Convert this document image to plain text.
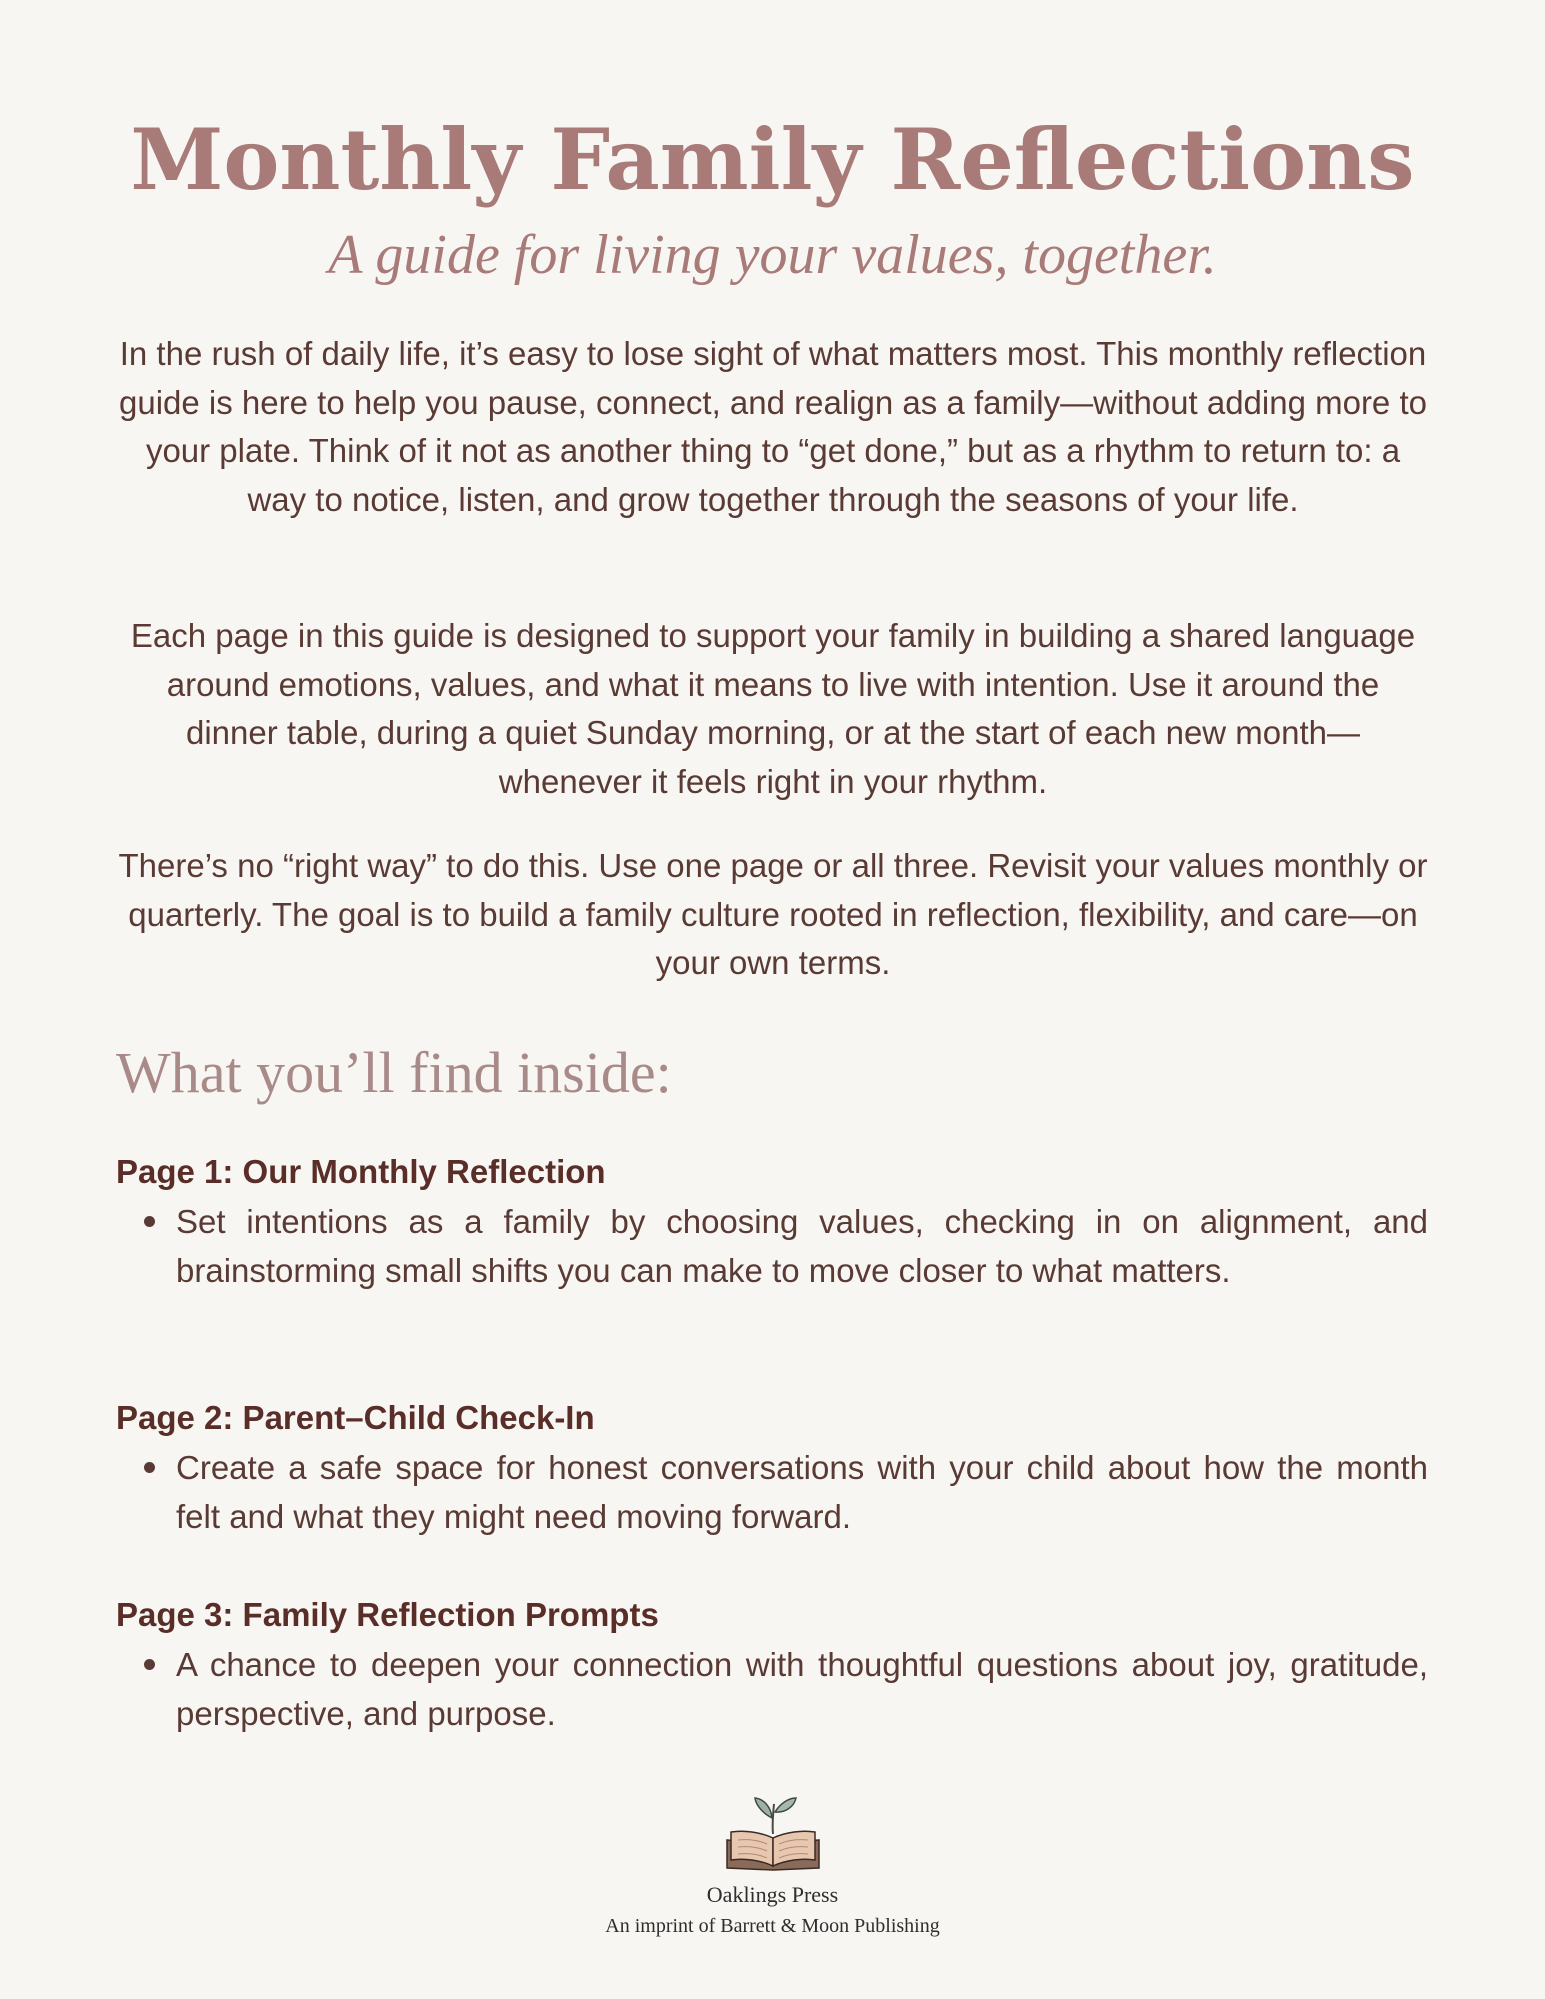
Monthly Family Reflections

A guide for living your values, together.

In the rush of daily life, it’s easy to lose sight of what matters most. This monthly reflection guide is here to help you pause, connect, and realign as a family—without adding more to your plate. Think of it not as another thing to “get done,” but as a rhythm to return to: a way to notice, listen, and grow together through the seasons of your life.

Each page in this guide is designed to support your family in building a shared language around emotions, values, and what it means to live with intention. Use it around the dinner table, during a quiet Sunday morning, or at the start of each new month—whenever it feels right in your rhythm.

There’s no “right way” to do this. Use one page or all three. Revisit your values monthly or quarterly. The goal is to build a family culture rooted in reflection, flexibility, and care—on your own terms.

What you’ll find inside:
Page 1: Our Monthly Reflection
Set intentions as a family by choosing values, checking in on alignment, and brainstorming small shifts you can make to move closer to what matters.
Page 2: Parent–Child Check-In
Create a safe space for honest conversations with your child about how the month felt and what they might need moving forward.
Page 3: Family Reflection Prompts
A chance to deepen your connection with thoughtful questions about joy, gratitude, perspective, and purpose.

Oaklings Press

An imprint of Barrett & Moon Publishing
